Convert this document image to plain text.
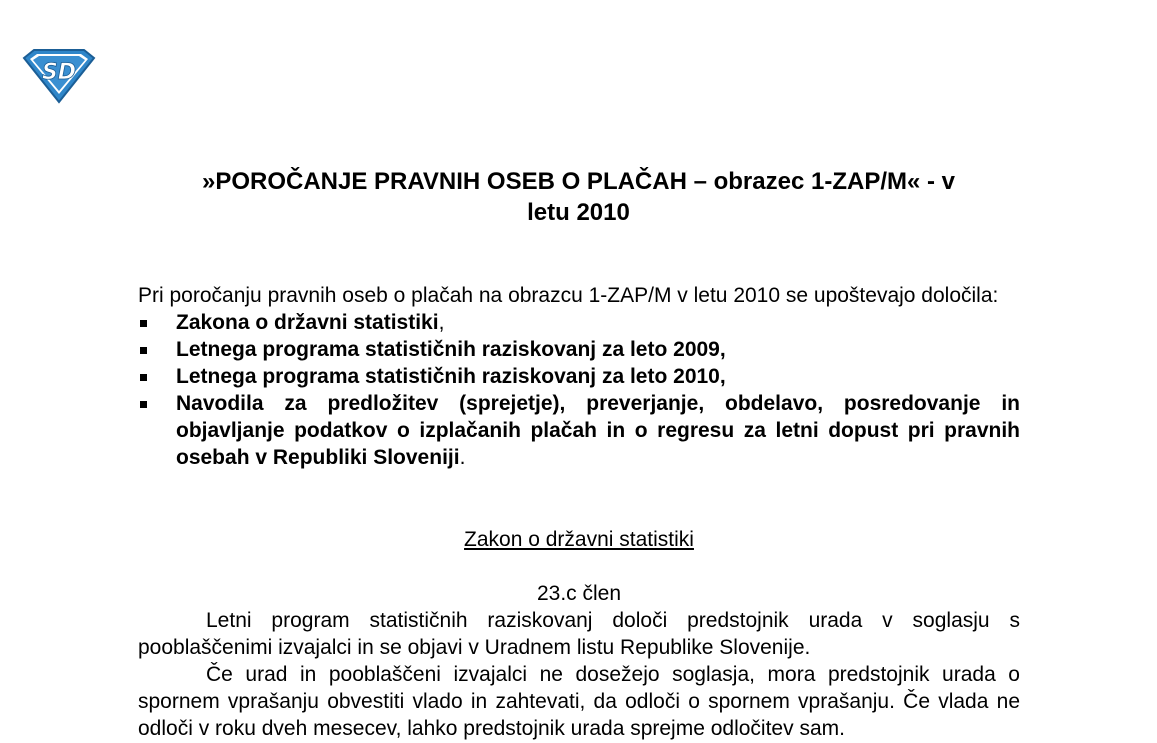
SD
»POROČANJE PRAVNIH OSEB O PLAČAH – obrazec 1-ZAP/M« - v
letu 2010

Pri poročanju pravnih oseb o plačah na obrazcu 1-ZAP/M v letu 2010 se upoštevajo določila:

Zakona o državni statistiki,
Letnega programa statističnih raziskovanj za leto 2009,
Letnega programa statističnih raziskovanj za leto 2010,
Navodila za predložitev (sprejetje), preverjanje, obdelavo, posredovanje in objavljanje podatkov o izplačanih plačah in o regresu za letni dopust pri pravnih osebah v Republiki Sloveniji.

Zakon o državni statistiki

23.c člen

Letni program statističnih raziskovanj določi predstojnik urada v soglasju s pooblaščenimi izvajalci in se objavi v Uradnem listu Republike Slovenije.

Če urad in pooblaščeni izvajalci ne dosežejo soglasja, mora predstojnik urada o spornem vprašanju obvestiti vlado in zahtevati, da odloči o spornem vprašanju. Če vlada ne odloči v roku dveh mesecev, lahko predstojnik urada sprejme odločitev sam.
